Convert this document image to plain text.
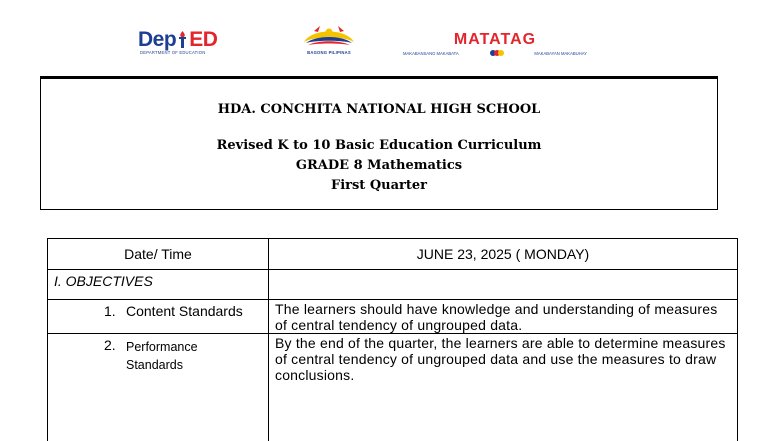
Dep ED
DEPARTMENT OF EDUCATION	BAGONG PILIPINAS
MATATAG
MAKABANSANG MAKABATA	MAKABAYAN MAKABUHAY
HDA. CONCHITA NATIONAL HIGH SCHOOL
Revised K to 10 Basic Education Curriculum
GRADE 8 Mathematics
First Quarter
Date/ Time	JUNE 23, 2025 ( MONDAY)
I. OBJECTIVES	

1. Content Standards	The learners should have knowledge and understanding of measures of central tendency of ungrouped data.

2. Performance Standards	By the end of the quarter, the learners are able to determine measures of central tendency of ungrouped data and use the measures to draw conclusions.
